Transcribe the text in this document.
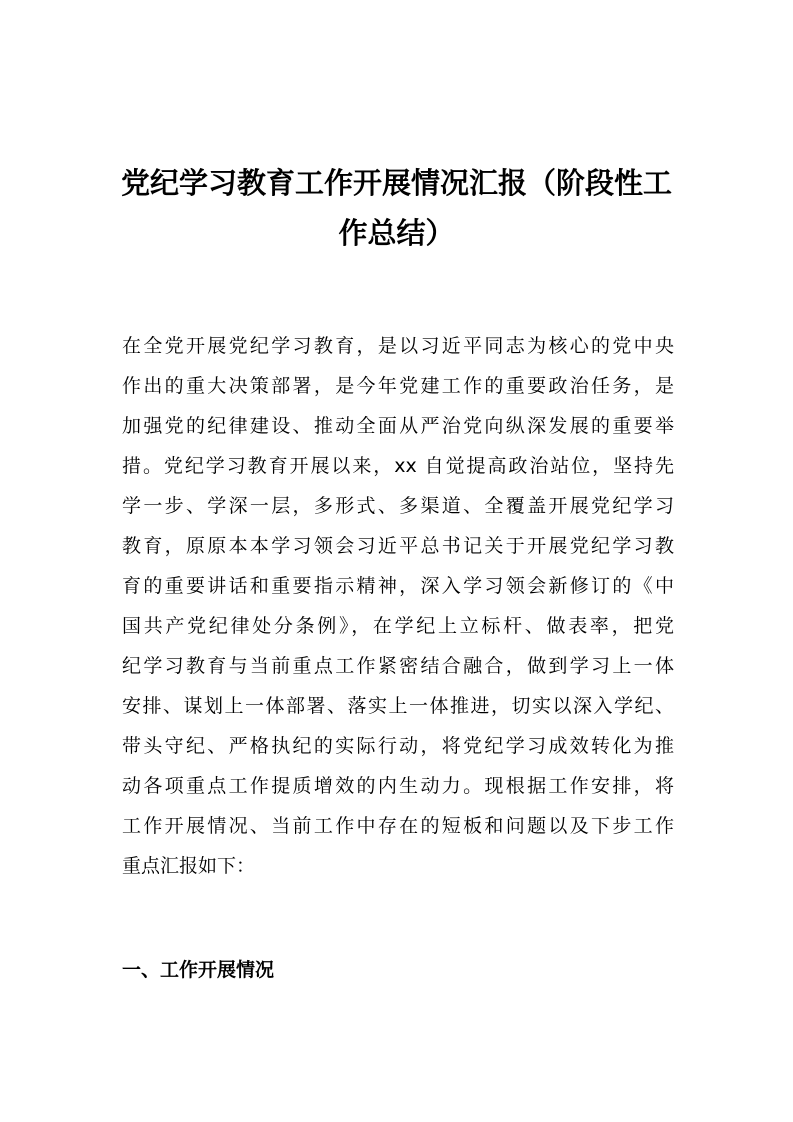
党纪学习教育工作开展情况汇报（阶段性工
作总结）
在全党开展党纪学习教育，是以习近平同志为核心的党中央
作出的重大决策部署，是今年党建工作的重要政治任务，是
加强党的纪律建设、推动全面从严治党向纵深发展的重要举
措。党纪学习教育开展以来，xx 自觉提高政治站位，坚持先
学一步、学深一层，多形式、多渠道、全覆盖开展党纪学习
教育，原原本本学习领会习近平总书记关于开展党纪学习教
育的重要讲话和重要指示精神，深入学习领会新修订的《中
国共产党纪律处分条例》，在学纪上立标杆、做表率，把党
纪学习教育与当前重点工作紧密结合融合，做到学习上一体
安排、谋划上一体部署、落实上一体推进，切实以深入学纪、
带头守纪、严格执纪的实际行动，将党纪学习成效转化为推
动各项重点工作提质增效的内生动力。现根据工作安排，将
工作开展情况、当前工作中存在的短板和问题以及下步工作
重点汇报如下：
一、工作开展情况
